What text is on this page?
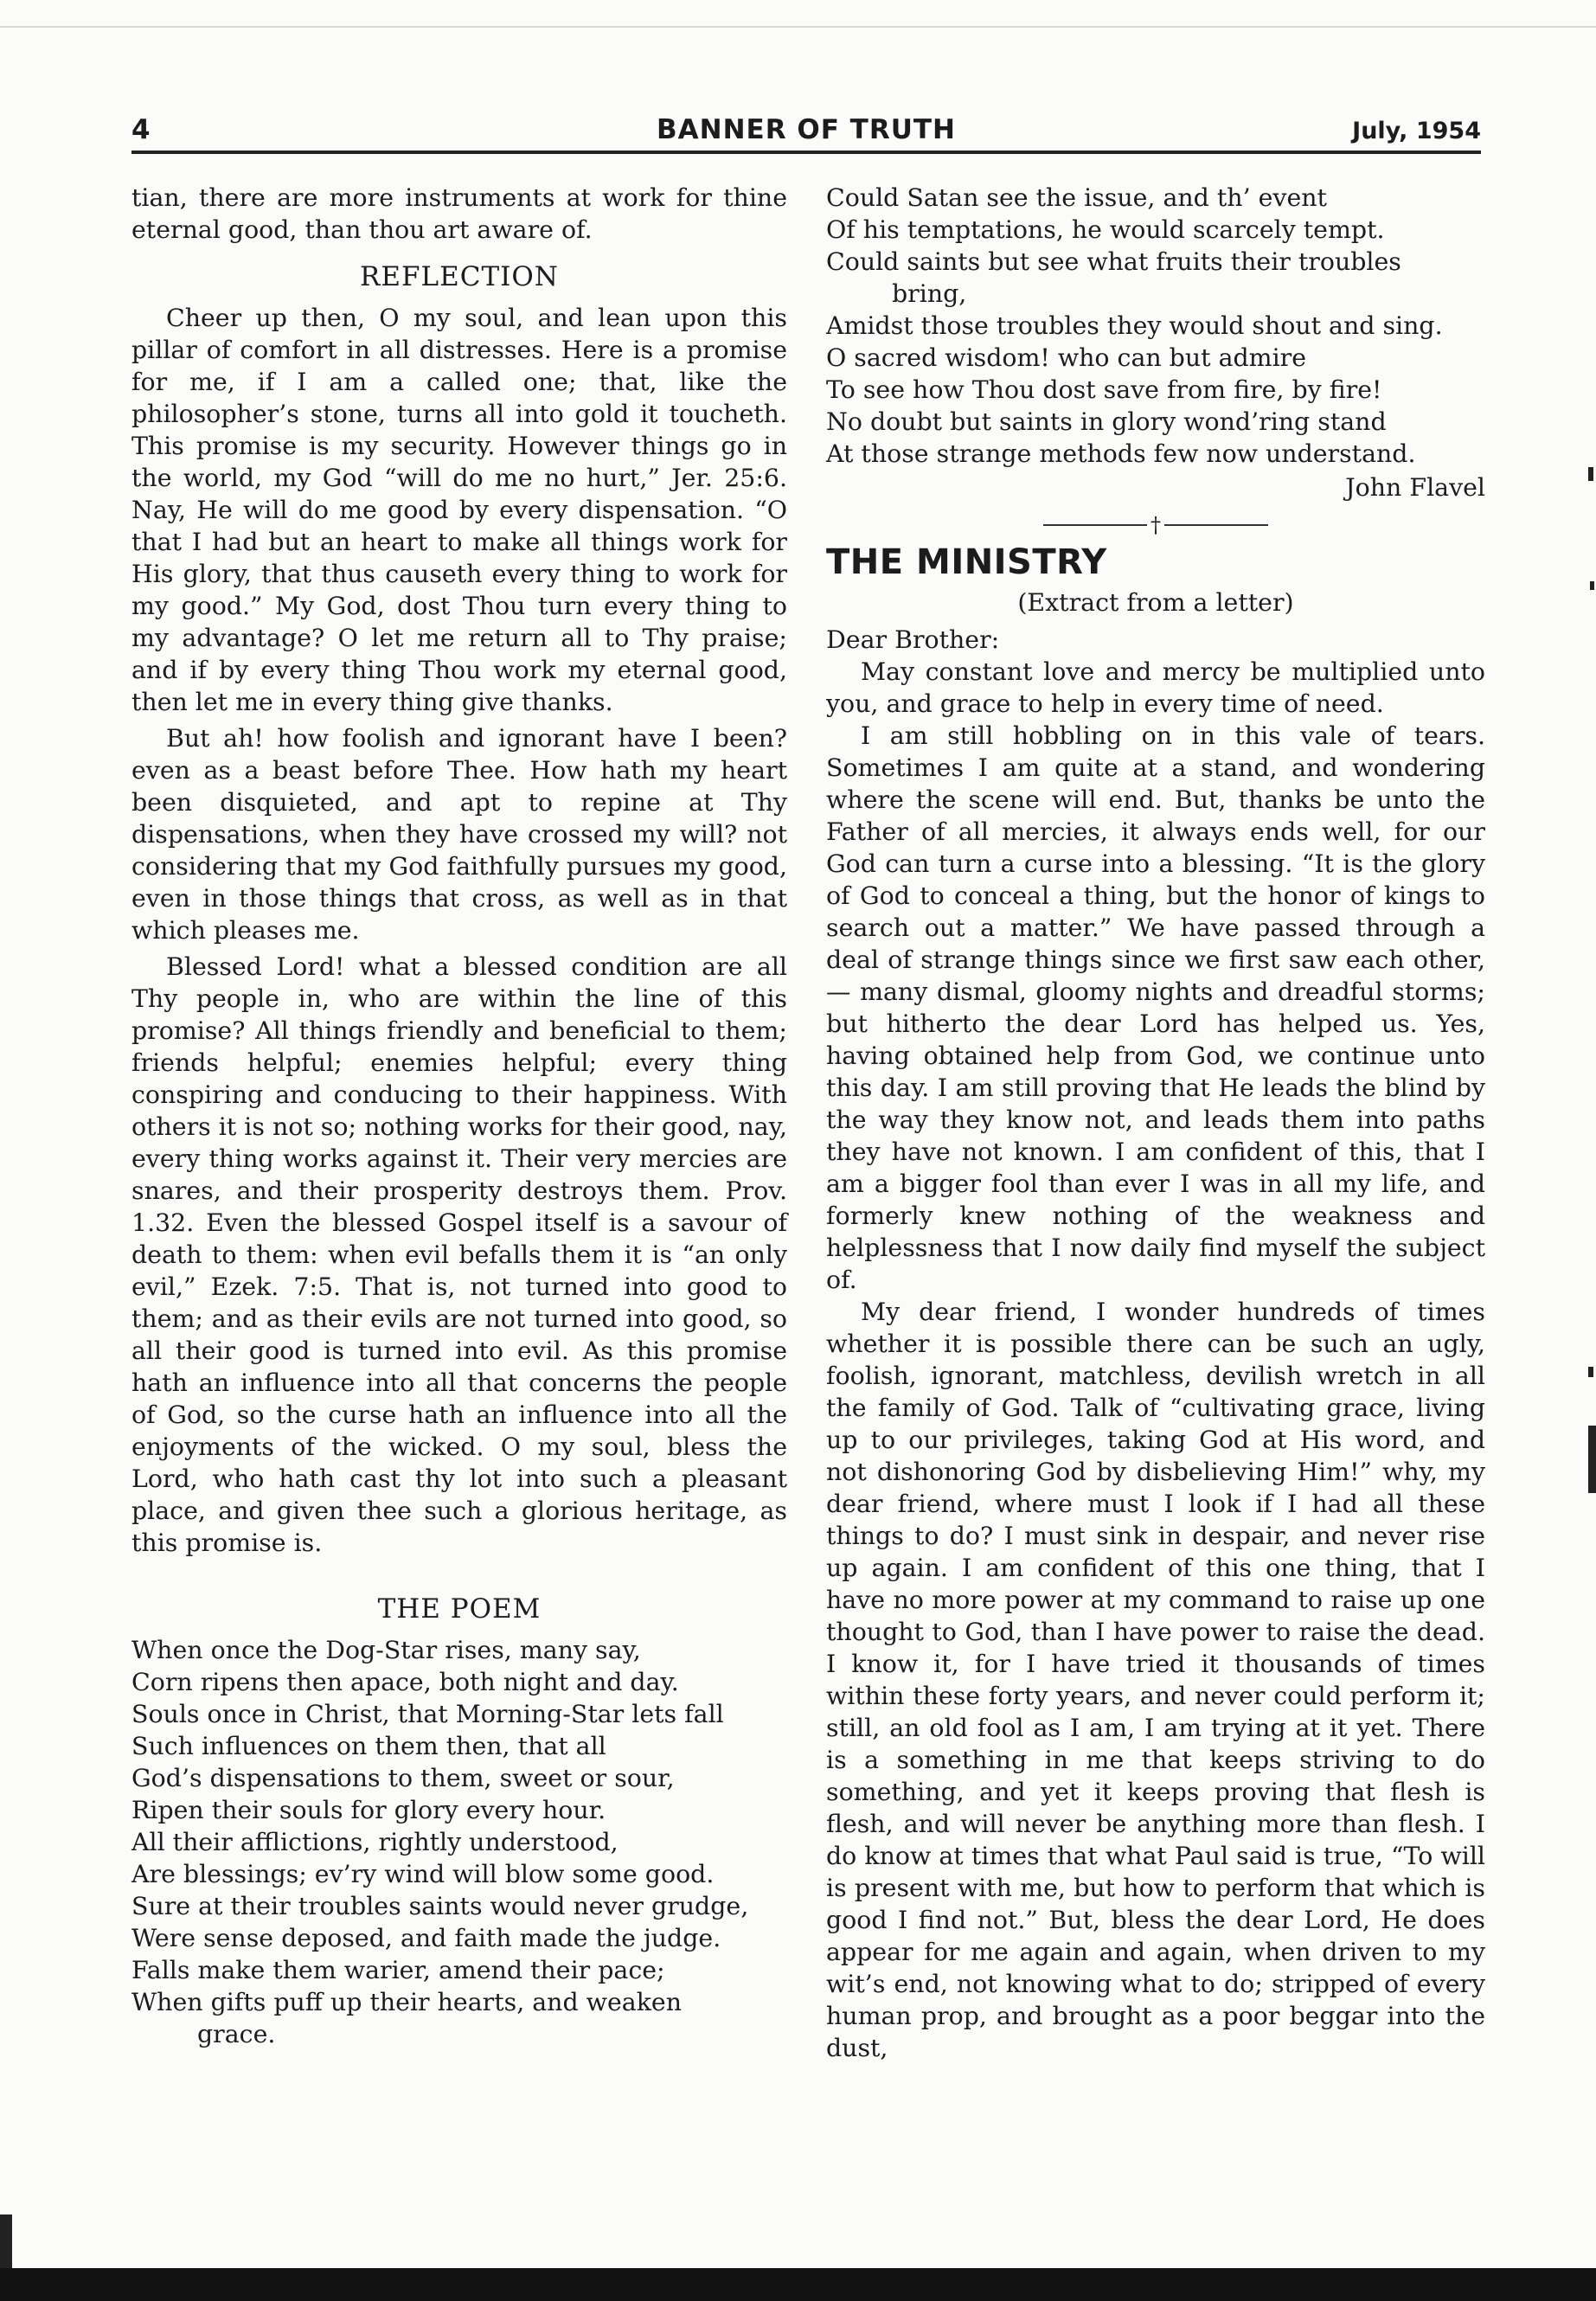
4	BANNER OF TRUTH	July, 1954

tian, there are more instruments at work for thine eternal good, than thou art aware of.

REFLECTION

Cheer up then, O my soul, and lean upon this pillar of comfort in all distresses. Here is a promise for me, if I am a called one; that, like the philosopher’s stone, turns all into gold it toucheth. This promise is my security. However things go in the world, my God “will do me no hurt,” Jer. 25:6. Nay, He will do me good by every dispensation. “O that I had but an heart to make all things work for His glory, that thus causeth every thing to work for my good.” My God, dost Thou turn every thing to my advantage? O let me return all to Thy praise; and if by every thing Thou work my eternal good, then let me in every thing give thanks.

But ah! how foolish and ignorant have I been? even as a beast before Thee. How hath my heart been disquieted, and apt to repine at Thy dispensations, when they have crossed my will? not considering that my God faithfully pursues my good, even in those things that cross, as well as in that which pleases me.

Blessed Lord! what a blessed condition are all Thy people in, who are within the line of this promise? All things friendly and beneficial to them; friends helpful; enemies helpful; every thing conspiring and conducing to their happiness. With others it is not so; nothing works for their good, nay, every thing works against it. Their very mercies are snares, and their prosperity destroys them. Prov. 1.32. Even the blessed Gospel itself is a savour of death to them: when evil befalls them it is “an only evil,” Ezek. 7:5. That is, not turned into good to them; and as their evils are not turned into good, so all their good is turned into evil. As this promise hath an influence into all that concerns the people of God, so the curse hath an influence into all the enjoyments of the wicked. O my soul, bless the Lord, who hath cast thy lot into such a pleasant place, and given thee such a glorious heritage, as this promise is.

THE POEM
When once the Dog-Star rises, many say,
Corn ripens then apace, both night and day.
Souls once in Christ, that Morning-Star lets fall
Such influences on them then, that all
God’s dispensations to them, sweet or sour,
Ripen their souls for glory every hour.
All their afflictions, rightly understood,
Are blessings; ev’ry wind will blow some good.
Sure at their troubles saints would never grudge,
Were sense deposed, and faith made the judge.
Falls make them warier, amend their pace;
When gifts puff up their hearts, and weaken
grace.
Could Satan see the issue, and th’ event
Of his temptations, he would scarcely tempt.
Could saints but see what fruits their troubles
bring,
Amidst those troubles they would shout and sing.
O sacred wisdom! who can but admire
To see how Thou dost save from fire, by fire!
No doubt but saints in glory wond’ring stand
At those strange methods few now understand.
John Flavel
†
THE MINISTRY
(Extract from a letter)

Dear Brother:

May constant love and mercy be multiplied unto you, and grace to help in every time of need.

I am still hobbling on in this vale of tears. Sometimes I am quite at a stand, and wondering where the scene will end. But, thanks be unto the Father of all mercies, it always ends well, for our God can turn a curse into a blessing. “It is the glory of God to conceal a thing, but the honor of kings to search out a matter.” We have passed through a deal of strange things since we first saw each other, — many dismal, gloomy nights and dreadful storms; but hitherto the dear Lord has helped us. Yes, having obtained help from God, we continue unto this day. I am still proving that He leads the blind by the way they know not, and leads them into paths they have not known. I am confident of this, that I am a bigger fool than ever I was in all my life, and formerly knew nothing of the weakness and helplessness that I now daily find myself the subject of.

My dear friend, I wonder hundreds of times whether it is possible there can be such an ugly, foolish, ignorant, matchless, devilish wretch in all the family of God. Talk of “cultivating grace, living up to our privileges, taking God at His word, and not dishonoring God by disbelieving Him!” why, my dear friend, where must I look if I had all these things to do? I must sink in despair, and never rise up again. I am confident of this one thing, that I have no more power at my command to raise up one thought to God, than I have power to raise the dead. I know it, for I have tried it thousands of times within these forty years, and never could perform it; still, an old fool as I am, I am trying at it yet. There is a something in me that keeps striving to do something, and yet it keeps proving that flesh is flesh, and will never be anything more than flesh. I do know at times that what Paul said is true, “To will is present with me, but how to perform that which is good I find not.” But, bless the dear Lord, He does appear for me again and again, when driven to my wit’s end, not knowing what to do; stripped of every human prop, and brought as a poor beggar into the dust,
